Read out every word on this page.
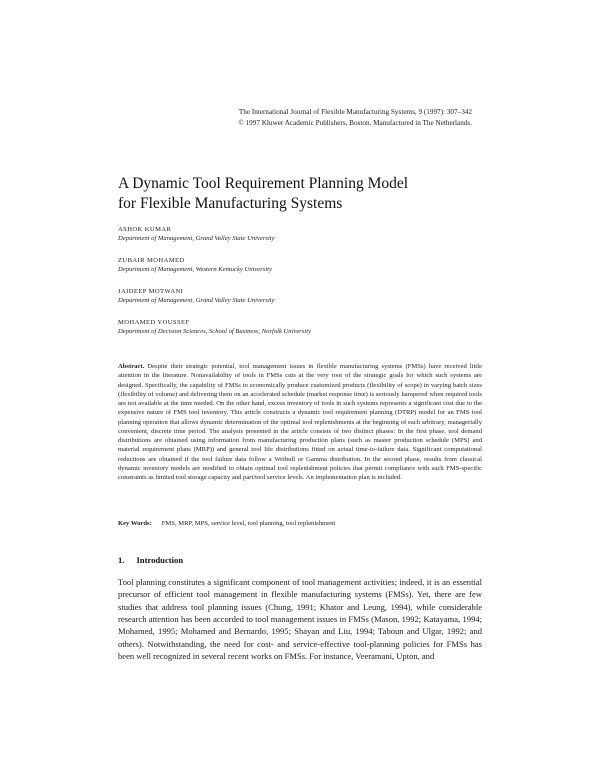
The International Journal of Flexible Manufacturing Systems, 9 (1997): 307–342
© 1997 Kluwer Academic Publishers, Boston. Manufactured in The Netherlands.
A Dynamic Tool Requirement Planning Model
for Flexible Manufacturing Systems
ASHOK KUMAR
Department of Management, Grand Valley State University
ZUBAIR MOHAMED
Department of Management, Western Kentucky University
JAIDEEP MOTWANI
Department of Management, Grand Valley State University
MOHAMED YOUSSEF
Department of Decision Sciences, School of Business, Norfolk University

Abstract. Despite their strategic potential, tool management issues in flexible manufacturing systems (FMSs) have received little attention in the literature. Nonavailability of tools in FMSs cuts at the very root of the strategic goals for which such systems are designed. Specifically, the capability of FMSs to economically produce customized products (flexibility of scope) in varying batch sizes (flexibility of volume) and delivering them on an accelerated schedule (market response time) is seriously hampered when required tools are not available at the time needed. On the other hand, excess inventory of tools in such systems represents a significant cost due to the expensive nature of FMS tool inventory. This article constructs a dynamic tool requirement planning (DTRP) model for an FMS tool planning operation that allows dynamic determination of the optimal tool replenishments at the beginning of each arbitrary, managerially convenient, discrete time period. The analysis presented in the article consists of two distinct phases: In the first phase, tool demand distributions are obtained using information from manufacturing production plans (such as master production schedule (MPS) and material requirement plans (MRP)) and general tool life distributions fitted on actual time-to-failure data. Significant computational reductions are obtained if the tool failure data follow a Weibull or Gamma distribution. In the second phase, results from classical dynamic inventory models are modified to obtain optimal tool replenishment policies that permit compliance with such FMS-specific constraints as limited tool storage capacity and part/tool service levels. An implementation plan is included.

Key Words: FMS, MRP, MPS, service level, tool planning, tool replenishment
1. Introduction

Tool planning constitutes a significant component of tool management activities; indeed, it is an essential precursor of efficient tool management in flexible manufacturing systems (FMSs). Yet, there are few studies that address tool planning issues (Chung, 1991; Khator and Leung, 1994), while considerable research attention has been accorded to tool management issues in FMSs (Mason, 1992; Katayama, 1994; Mohamed, 1995; Mohamed and Bernardo, 1995; Shayan and Liu, 1994; Taboun and Ulgar, 1992; and others). Notwithstanding, the need for cost- and service-effective tool-planning policies for FMSs has been well recognized in several recent works on FMSs. For instance, Veeramani, Upton, and
